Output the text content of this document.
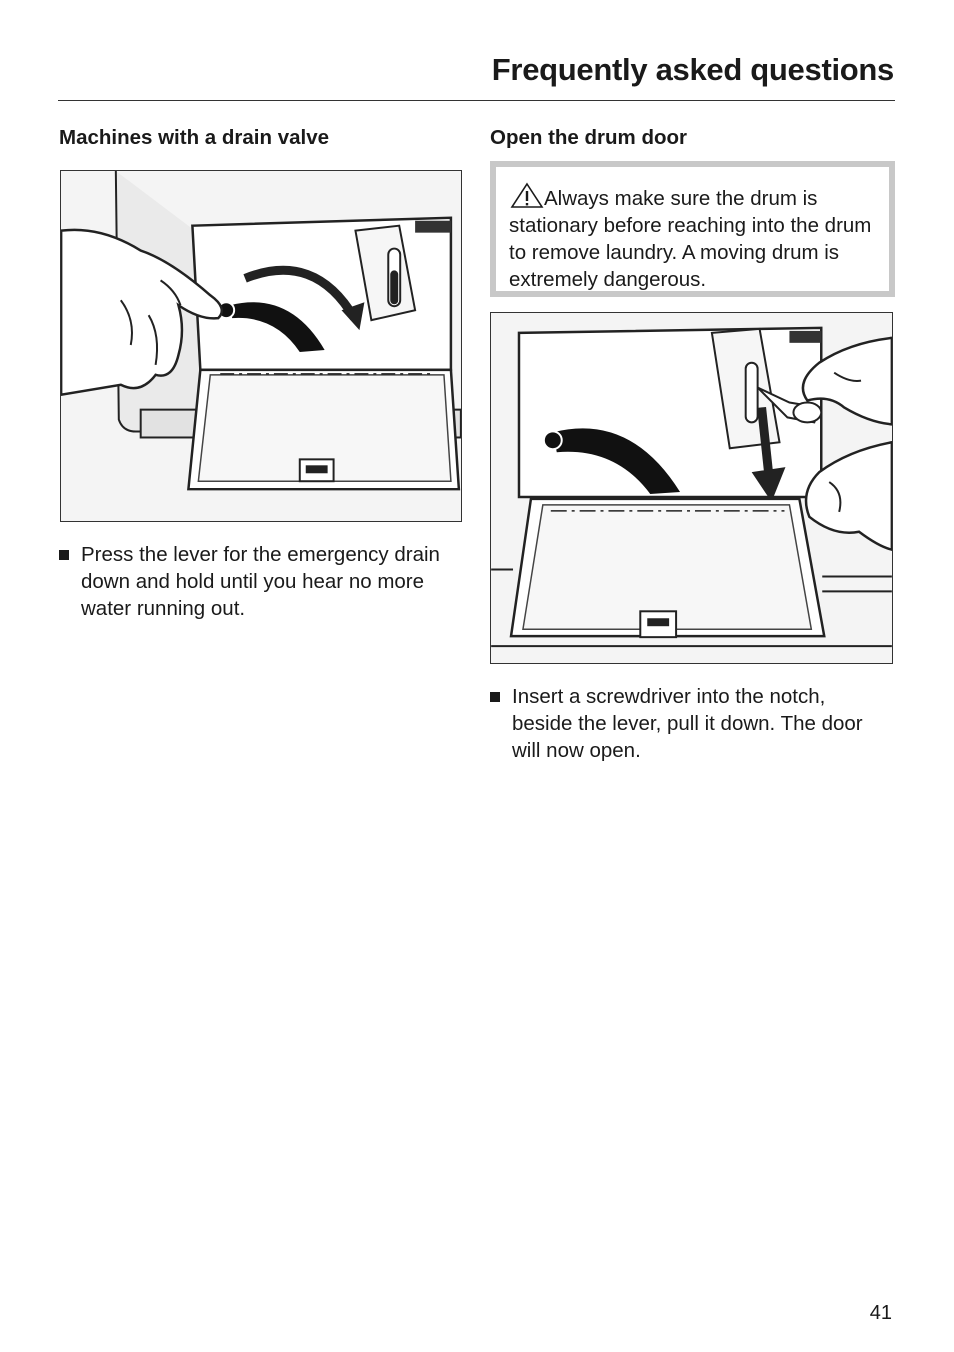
Frequently asked questions
Machines with a drain valve
Press the lever for the emergency drain down and hold until you hear no more water running out.
Open the drum door
Always make sure the drum is stationary before reaching into the drum to remove laundry. A moving drum is extremely dangerous.
Insert a screwdriver into the notch, beside the lever, pull it down. The door will now open.
41
